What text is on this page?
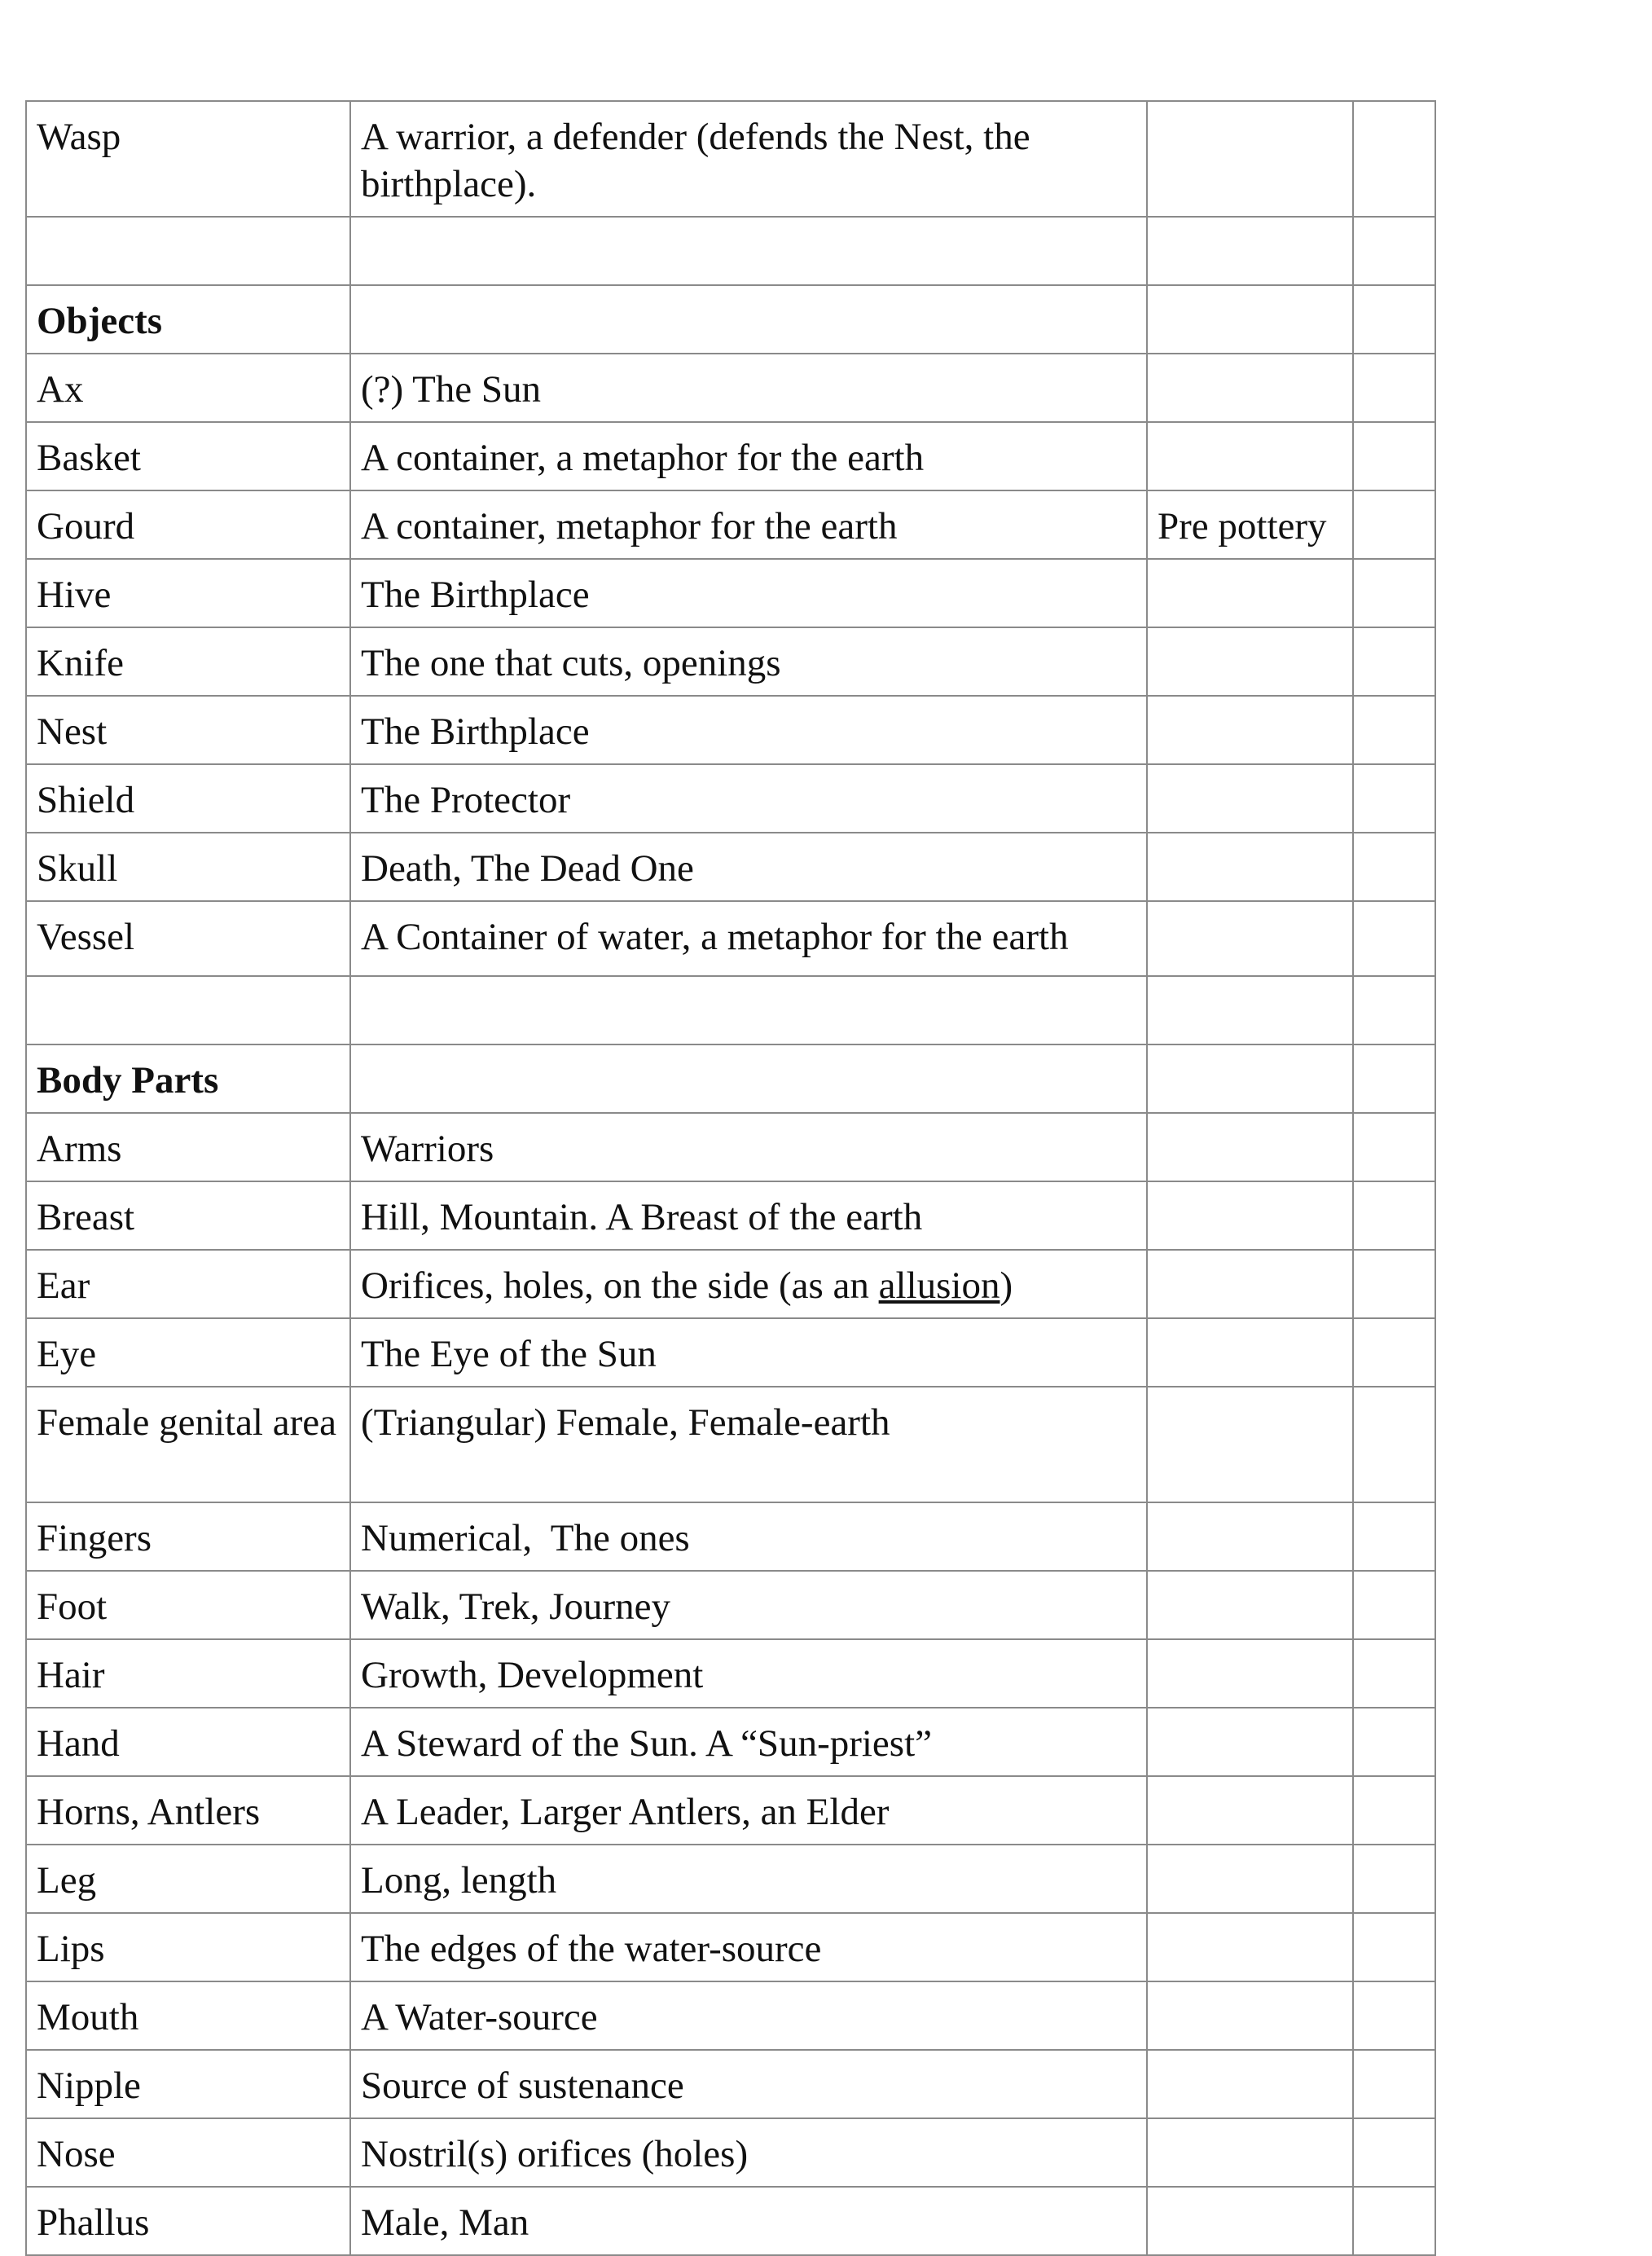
Wasp	A warrior, a defender (defends the Nest, the birthplace).		

Objects			
Ax	(?) The Sun		
Basket	A container, a metaphor for the earth		
Gourd	A container, metaphor for the earth	Pre pottery	
Hive	The Birthplace		
Knife	The one that cuts, openings		
Nest	The Birthplace		
Shield	The Protector		
Skull	Death, The Dead One		
Vessel	A Container of water, a metaphor for the earth		

Body Parts			
Arms	Warriors		
Breast	Hill, Mountain. A Breast of the earth		
Ear	Orifices, holes, on the side (as an allusion)		
Eye	The Eye of the Sun		
Female genital area	(Triangular) Female, Female-earth		
Fingers	Numerical,  The ones		
Foot	Walk, Trek, Journey		
Hair	Growth, Development		
Hand	A Steward of the Sun. A “Sun-priest”		
Horns, Antlers	A Leader, Larger Antlers, an Elder		
Leg	Long, length		
Lips	The edges of the water-source		
Mouth	A Water-source		
Nipple	Source of sustenance		
Nose	Nostril(s) orifices (holes)		
Phallus	Male, Man		
